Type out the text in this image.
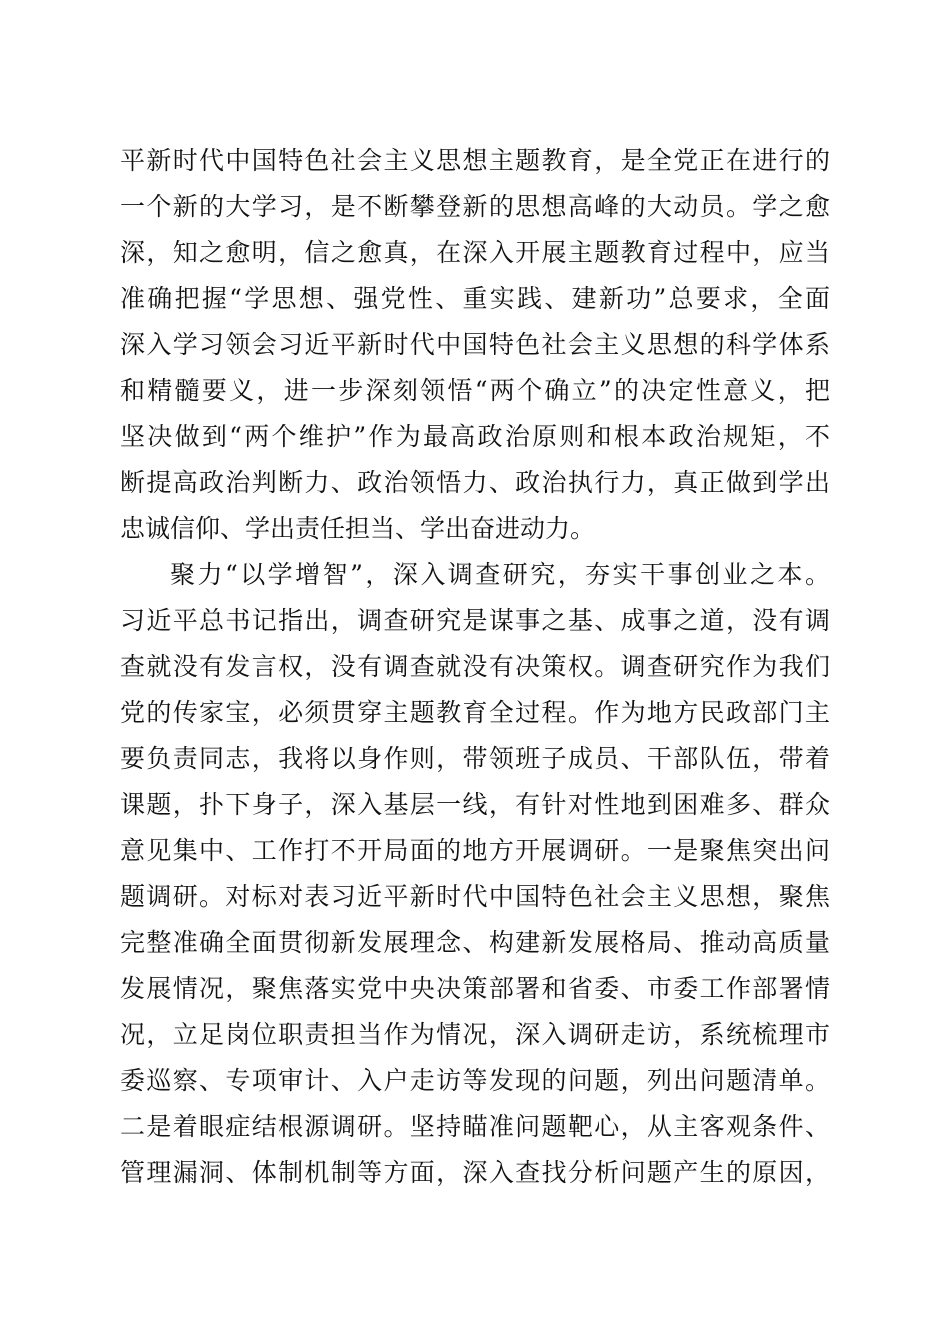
平新时代中国特色社会主义思想主题教育，是全党正在进行的
一个新的大学习，是不断攀登新的思想高峰的大动员。学之愈
深，知之愈明，信之愈真，在深入开展主题教育过程中，应当
准确把握“学思想、强党性、重实践、建新功”总要求，全面
深入学习领会习近平新时代中国特色社会主义思想的科学体系
和精髓要义，进一步深刻领悟“两个确立”的决定性意义，把
坚决做到“两个维护”作为最高政治原则和根本政治规矩，不
断提高政治判断力、政治领悟力、政治执行力，真正做到学出
忠诚信仰、学出责任担当、学出奋进动力。
聚力“以学增智”，深入调查研究，夯实干事创业之本。
习近平总书记指出，调查研究是谋事之基、成事之道，没有调
查就没有发言权，没有调查就没有决策权。调查研究作为我们
党的传家宝，必须贯穿主题教育全过程。作为地方民政部门主
要负责同志，我将以身作则，带领班子成员、干部队伍，带着
课题，扑下身子，深入基层一线，有针对性地到困难多、群众
意见集中、工作打不开局面的地方开展调研。一是聚焦突出问
题调研。对标对表习近平新时代中国特色社会主义思想，聚焦
完整准确全面贯彻新发展理念、构建新发展格局、推动高质量
发展情况，聚焦落实党中央决策部署和省委、市委工作部署情
况，立足岗位职责担当作为情况，深入调研走访，系统梳理市
委巡察、专项审计、入户走访等发现的问题，列出问题清单。
二是着眼症结根源调研。坚持瞄准问题靶心，从主客观条件、
管理漏洞、体制机制等方面，深入查找分析问题产生的原因，
